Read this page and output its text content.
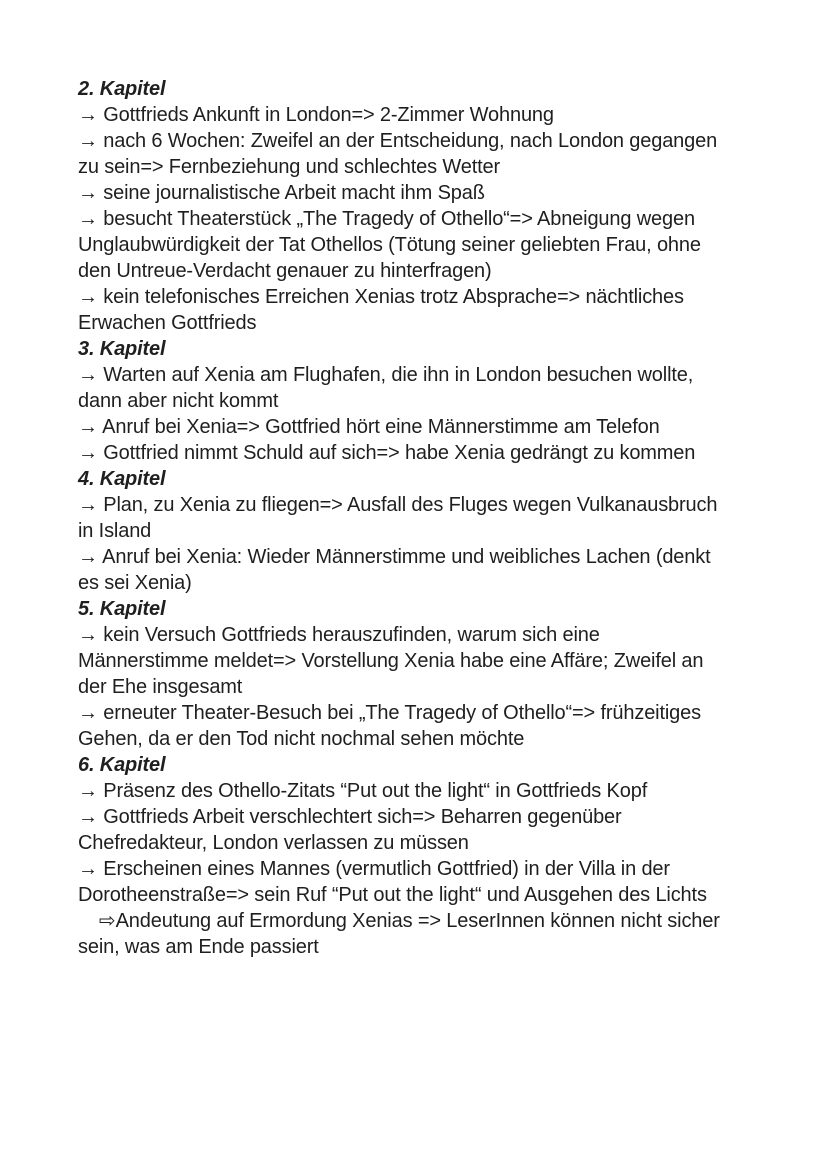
2. Kapitel
→ Gottfrieds Ankunft in London=> 2-Zimmer Wohnung
→ nach 6 Wochen: Zweifel an der Entscheidung, nach London gegangen
zu sein=> Fernbeziehung und schlechtes Wetter
→ seine journalistische Arbeit macht ihm Spaß
→ besucht Theaterstück „The Tragedy of Othello“=> Abneigung wegen
Unglaubwürdigkeit der Tat Othellos (Tötung seiner geliebten Frau, ohne
den Untreue-Verdacht genauer zu hinterfragen)
→ kein telefonisches Erreichen Xenias trotz Absprache=> nächtliches
Erwachen Gottfrieds
3. Kapitel
→ Warten auf Xenia am Flughafen, die ihn in London besuchen wollte,
dann aber nicht kommt
→ Anruf bei Xenia=> Gottfried hört eine Männerstimme am Telefon
→ Gottfried nimmt Schuld auf sich=> habe Xenia gedrängt zu kommen
4. Kapitel
→ Plan, zu Xenia zu fliegen=> Ausfall des Fluges wegen Vulkanausbruch
in Island
→ Anruf bei Xenia: Wieder Männerstimme und weibliches Lachen (denkt
es sei Xenia)
5. Kapitel
→ kein Versuch Gottfrieds herauszufinden, warum sich eine
Männerstimme meldet=> Vorstellung Xenia habe eine Affäre; Zweifel an
der Ehe insgesamt
→ erneuter Theater-Besuch bei „The Tragedy of Othello“=> frühzeitiges
Gehen, da er den Tod nicht nochmal sehen möchte
6. Kapitel
→ Präsenz des Othello-Zitats “Put out the light“ in Gottfrieds Kopf
→ Gottfrieds Arbeit verschlechtert sich=> Beharren gegenüber
Chefredakteur, London verlassen zu müssen
→ Erscheinen eines Mannes (vermutlich Gottfried) in der Villa in der
Dorotheenstraße=> sein Ruf “Put out the light“ und Ausgehen des Lichts
⇨Andeutung auf Ermordung Xenias => LeserInnen können nicht sicher
sein, was am Ende passiert
